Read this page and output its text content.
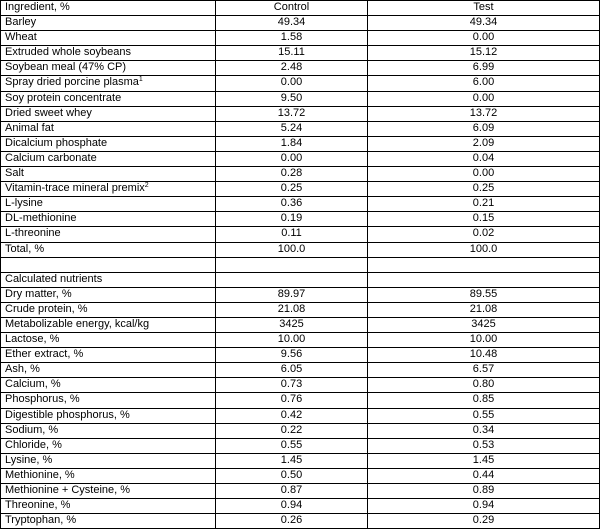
Ingredient, %	Control	Test
Barley	49.34	49.34
Wheat	1.58	0.00
Extruded whole soybeans	15.11	15.12
Soybean meal (47% CP)	2.48	6.99
Spray dried porcine plasma$^1$	0.00	6.00
Soy protein concentrate	9.50	0.00
Dried sweet whey	13.72	13.72
Animal fat	5.24	6.09
Dicalcium phosphate	1.84	2.09
Calcium carbonate	0.00	0.04
Salt	0.28	0.00
Vitamin-trace mineral premix$^2$	0.25	0.25
L-lysine	0.36	0.21
DL-methionine	0.19	0.15
L-threonine	0.11	0.02
Total, %	100.0	100.0

Calculated nutrients		
Dry matter, %	89.97	89.55
Crude protein, %	21.08	21.08
Metabolizable energy, kcal/kg	3425	3425
Lactose, %	10.00	10.00
Ether extract, %	9.56	10.48
Ash, %	6.05	6.57
Calcium, %	0.73	0.80
Phosphorus, %	0.76	0.85
Digestible phosphorus, %	0.42	0.55
Sodium, %	0.22	0.34
Chloride, %	0.55	0.53
Lysine, %	1.45	1.45
Methionine, %	0.50	0.44
Methionine + Cysteine, %	0.87	0.89
Threonine, %	0.94	0.94
Tryptophan, %	0.26	0.29
